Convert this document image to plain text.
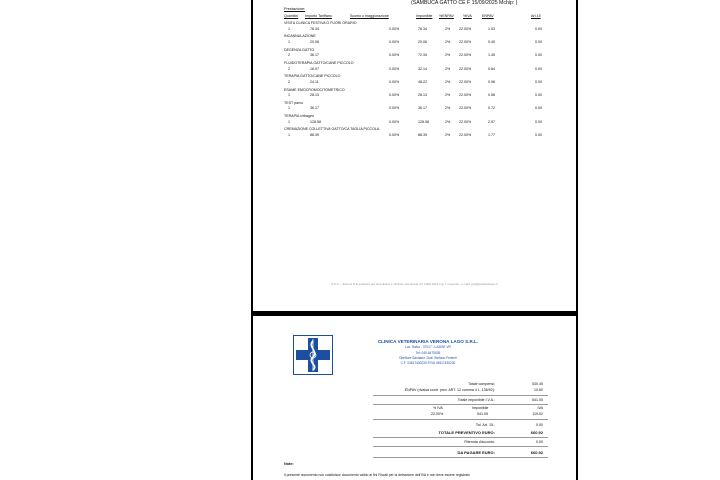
(SAMBUCA GATTO CE F 15/09/2025 Mchip: )
Prestazione:
Quantita' Importo Tariffario	Sconto o maggiorazione	Imponibile %ENPAV	%IVA	ENPAV	Art.15
VISITA CLINICA FESTIVA O FUORI ORARIO
1	76.34	0.00%	76.34	2% 22.00%	1.53	0.00
INCANNULAZIONE
1	20.06	0.00%	20.06	2% 22.00%	0.40	0.00
DEGENZA GATTO
2	36.17	0.00%	72.34	2% 22.00%	1.45	0.00
FLUIDOTERAPIA GATTO/CANE PICCOLO
2	16.07	0.00%	32.14	2% 22.00%	0.64	0.00
TERAPIA GATTO/CANE PICCOLO
2	24.11	0.00%	48.22	2% 22.00%	0.96	0.00
ESAME EMOCROMOCITOMETRICO
1	28.13	0.00%	28.13	2% 22.00%	0.56	0.00
TEST parvo
1	36.17	0.00%	36.17	2% 22.00%	0.72	0.00
TERAPIA virbagen
1	128.58	0.00%	128.58	2% 22.00%	2.57	0.00
CREMAZIONE COLLETTIVA GATTO/CA TAGLIA PICCOLA
1	88.39	0.00%	88.39	2% 22.00%	1.77	0.00
P.S.A. - Sistemi R.E software per ambulatori e cliniche veterinarie (C) 1999-2014 Ing. L.Coppola - e-mail: psa@psasoftware.it
CLINICA VETERINARIA VERONA LAGO S.R.L.
Loc. Salvo - 37017 - LAZISE VR
Tel: 045-6470639
Direttore Sanitario: Dott. Stefano Ferlenti
C.F. 04517430230 P.IVA 04517430230
Totale compensi:	530.45
ENPAV (rivalsa contr. prev. ART. 12 comma 4 L. 136/92):	10.60
Totale imponibile I.V.A.:	541.05
% IVA	Imponibile	IVA
22.00%	541.05	119.02
Tot. Art. 15.:	0.00
TOTALE PREVENTIVO EURO:	660.92
Ritenuta d'acconto:	0.00
DA PAGARE EURO:	660.92
Note:
Il presente documento non costituisce documento valido ai fini Fiscali per la detrazione dell'IVA e non deve essere registrato
